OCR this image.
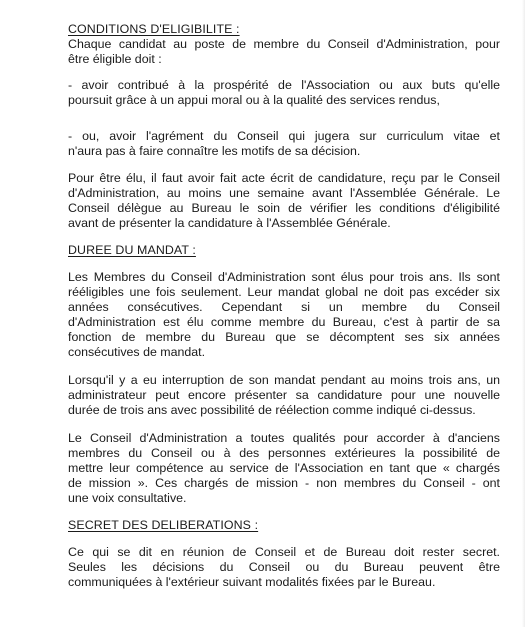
CONDITIONS D'ELIGIBILITE :
Chaque candidat au poste de membre du Conseil d'Administration, pour
être éligible doit :
- avoir contribué à la prospérité de l'Association ou aux buts qu'elle
poursuit grâce à un appui moral ou à la qualité des services rendus,
- ou, avoir l'agrément du Conseil qui jugera sur curriculum vitae et
n'aura pas à faire connaître les motifs de sa décision.
Pour être élu, il faut avoir fait acte écrit de candidature, reçu par le Conseil
d'Administration, au moins une semaine avant l'Assemblée Générale. Le
Conseil délègue au Bureau le soin de vérifier les conditions d'éligibilité
avant de présenter la candidature à l'Assemblée Générale.
DUREE DU MANDAT :
Les Membres du Conseil d'Administration sont élus pour trois ans. Ils sont
rééligibles une fois seulement. Leur mandat global ne doit pas excéder six
années consécutives. Cependant si un membre du Conseil
d'Administration est élu comme membre du Bureau, c'est à partir de sa
fonction de membre du Bureau que se décomptent ses six années
consécutives de mandat.
Lorsqu'il y a eu interruption de son mandat pendant au moins trois ans, un
administrateur peut encore présenter sa candidature pour une nouvelle
durée de trois ans avec possibilité de réélection comme indiqué ci-dessus.
Le Conseil d'Administration a toutes qualités pour accorder à d'anciens
membres du Conseil ou à des personnes extérieures la possibilité de
mettre leur compétence au service de l'Association en tant que « chargés
de mission ». Ces chargés de mission - non membres du Conseil - ont
une voix consultative.
SECRET DES DELIBERATIONS :
Ce qui se dit en réunion de Conseil et de Bureau doit rester secret.
Seules les décisions du Conseil ou du Bureau peuvent être
communiquées à l'extérieur suivant modalités fixées par le Bureau.
